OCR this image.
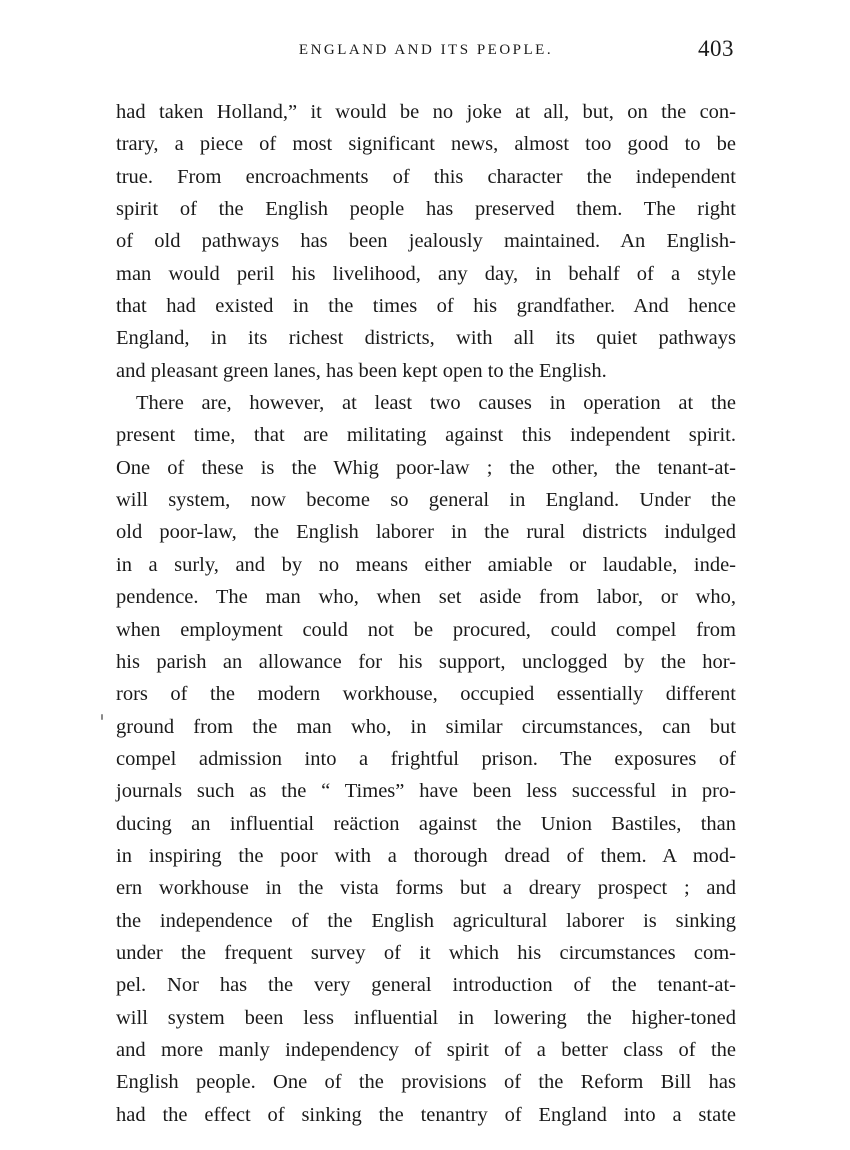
ENGLAND AND ITS PEOPLE.	403
had taken Holland,” it would be no joke at all, but, on the con-
trary, a piece of most significant news, almost too good to be
true. From encroachments of this character the independent
spirit of the English people has preserved them. The right
of old pathways has been jealously maintained. An English-
man would peril his livelihood, any day, in behalf of a style
that had existed in the times of his grandfather. And hence
England, in its richest districts, with all its quiet pathways
and pleasant green lanes, has been kept open to the English.
There are, however, at least two causes in operation at the
present time, that are militating against this independent spirit.
One of these is the Whig poor-law ; the other, the tenant-at-
will system, now become so general in England. Under the
old poor-law, the English laborer in the rural districts indulged
in a surly, and by no means either amiable or laudable, inde-
pendence. The man who, when set aside from labor, or who,
when employment could not be procured, could compel from
his parish an allowance for his support, unclogged by the hor-
rors of the modern workhouse, occupied essentially different
ground from the man who, in similar circumstances, can but
compel admission into a frightful prison. The exposures of
journals such as the “ Times” have been less successful in pro-
ducing an influential reäction against the Union Bastiles, than
in inspiring the poor with a thorough dread of them. A mod-
ern workhouse in the vista forms but a dreary prospect ; and
the independence of the English agricultural laborer is sinking
under the frequent survey of it which his circumstances com-
pel. Nor has the very general introduction of the tenant-at-
will system been less influential in lowering the higher-toned
and more manly independency of spirit of a better class of the
English people. One of the provisions of the Reform Bill has
had the effect of sinking the tenantry of England into a state
